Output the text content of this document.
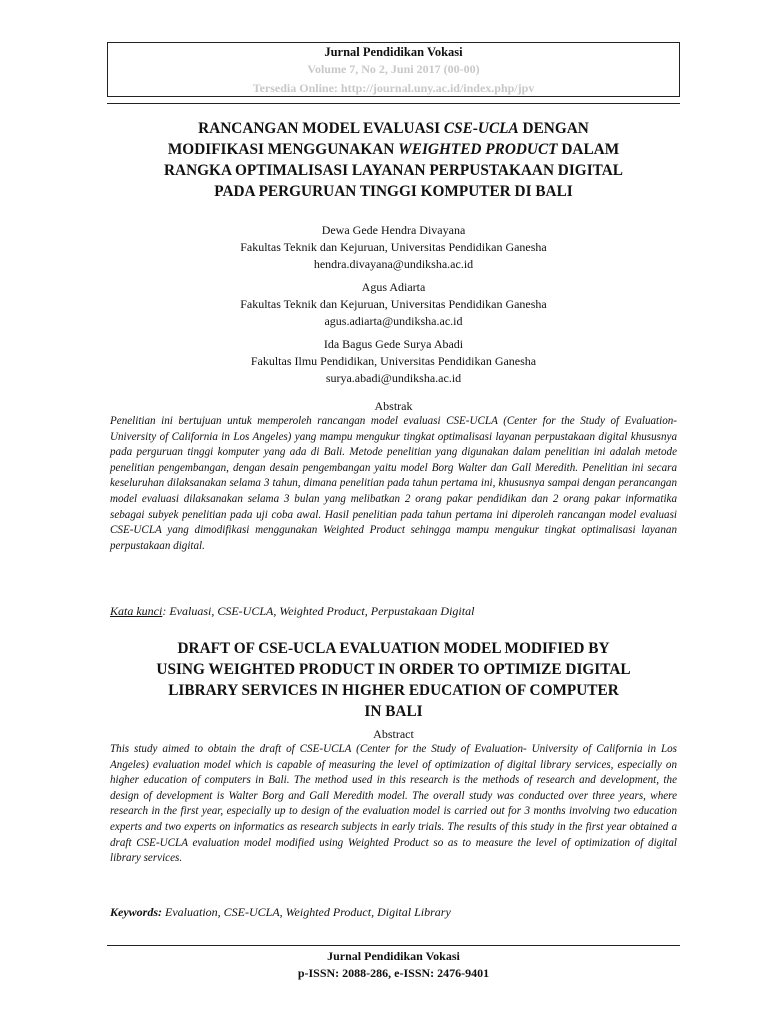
Jurnal Pendidikan Vokasi
Volume 7, No 2, Juni 2017 (00-00)
Tersedia Online: http://journal.uny.ac.id/index.php/jpv
RANCANGAN MODEL EVALUASI CSE-UCLA DENGAN
MODIFIKASI MENGGUNAKAN WEIGHTED PRODUCT DALAM
RANGKA OPTIMALISASI LAYANAN PERPUSTAKAAN DIGITAL
PADA PERGURUAN TINGGI KOMPUTER DI BALI
Dewa Gede Hendra Divayana
Fakultas Teknik dan Kejuruan, Universitas Pendidikan Ganesha
hendra.divayana@undiksha.ac.id
Agus Adiarta
Fakultas Teknik dan Kejuruan, Universitas Pendidikan Ganesha
agus.adiarta@undiksha.ac.id
Ida Bagus Gede Surya Abadi
Fakultas Ilmu Pendidikan, Universitas Pendidikan Ganesha
surya.abadi@undiksha.ac.id
Abstrak
Penelitian ini bertujuan untuk memperoleh rancangan model evaluasi CSE-UCLA (Center for the Study of Evaluation-University of California in Los Angeles) yang mampu mengukur tingkat optimalisasi layanan perpustakaan digital khususnya pada perguruan tinggi komputer yang ada di Bali. Metode penelitian yang digunakan dalam penelitian ini adalah metode penelitian pengembangan, dengan desain pengembangan yaitu model Borg Walter dan Gall Meredith. Penelitian ini secara keseluruhan dilaksanakan selama 3 tahun, dimana penelitian pada tahun pertama ini, khususnya sampai dengan perancangan model evaluasi dilaksanakan selama 3 bulan yang melibatkan 2 orang pakar pendidikan dan 2 orang pakar informatika sebagai subyek penelitian pada uji coba awal. Hasil penelitian pada tahun pertama ini diperoleh rancangan model evaluasi CSE-UCLA yang dimodifikasi menggunakan Weighted Product sehingga mampu mengukur tingkat optimalisasi layanan perpustakaan digital.
Kata kunci: Evaluasi, CSE-UCLA, Weighted Product, Perpustakaan Digital
DRAFT OF CSE-UCLA EVALUATION MODEL MODIFIED BY
USING WEIGHTED PRODUCT IN ORDER TO OPTIMIZE DIGITAL
LIBRARY SERVICES IN HIGHER EDUCATION OF COMPUTER
IN BALI
Abstract
This study aimed to obtain the draft of CSE-UCLA (Center for the Study of Evaluation- University of California in Los Angeles) evaluation model which is capable of measuring the level of optimization of digital library services, especially on higher education of computers in Bali. The method used in this research is the methods of research and development, the design of development is Walter Borg and Gall Meredith model. The overall study was conducted over three years, where research in the first year, especially up to design of the evaluation model is carried out for 3 months involving two education experts and two experts on informatics as research subjects in early trials. The results of this study in the first year obtained a draft CSE-UCLA evaluation model modified using Weighted Product so as to measure the level of optimization of digital library services.
Keywords: Evaluation, CSE-UCLA, Weighted Product, Digital Library
Jurnal Pendidikan Vokasi
p-ISSN: 2088-286, e-ISSN: 2476-9401
